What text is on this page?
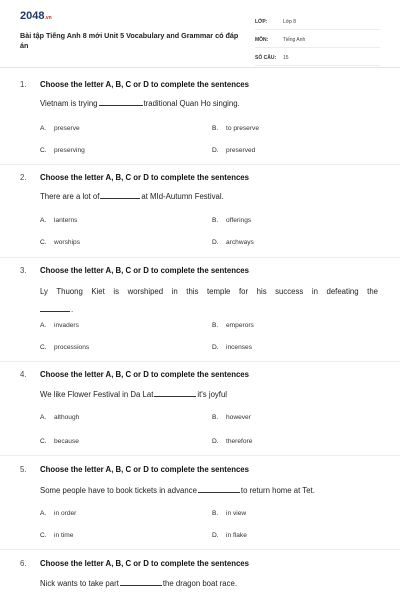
2048.vn
Bài tập Tiếng Anh 8 mới Unit 5 Vocabulary and Grammar có đáp án
LỚP:	Lớp 8
MÔN:	Tiếng Anh
SỐ CÂU:	15
1. Choose the letter A, B, C or D to complete the sentences
Vietnam is trying	traditional Quan Ho singing.
A. preserve	B. to preserve
C. preserving	D. preserved
2. Choose the letter A, B, C or D to complete the sentences
There are a lot of	at MId-Autumn Festival.
A. lanterns	B. offerings
C. worships	D. archways
3. Choose the letter A, B, C or D to complete the sentences
Ly Thuong Kiet is worshiped in this temple for his success in defeating the
.
A. invaders	B. emperors
C. processions	D. incenses
4. Choose the letter A, B, C or D to complete the sentences
We like Flower Festival in Da Lat	it's joyful
A. although	B. however
C. because	D. therefore
5. Choose the letter A, B, C or D to complete the sentences
Some people have to book tickets in advance	to return home at Tet.
A. in order	B. in view
C. in time	D. in flake
6. Choose the letter A, B, C or D to complete the sentences
Nick wants to take part	the dragon boat race.
